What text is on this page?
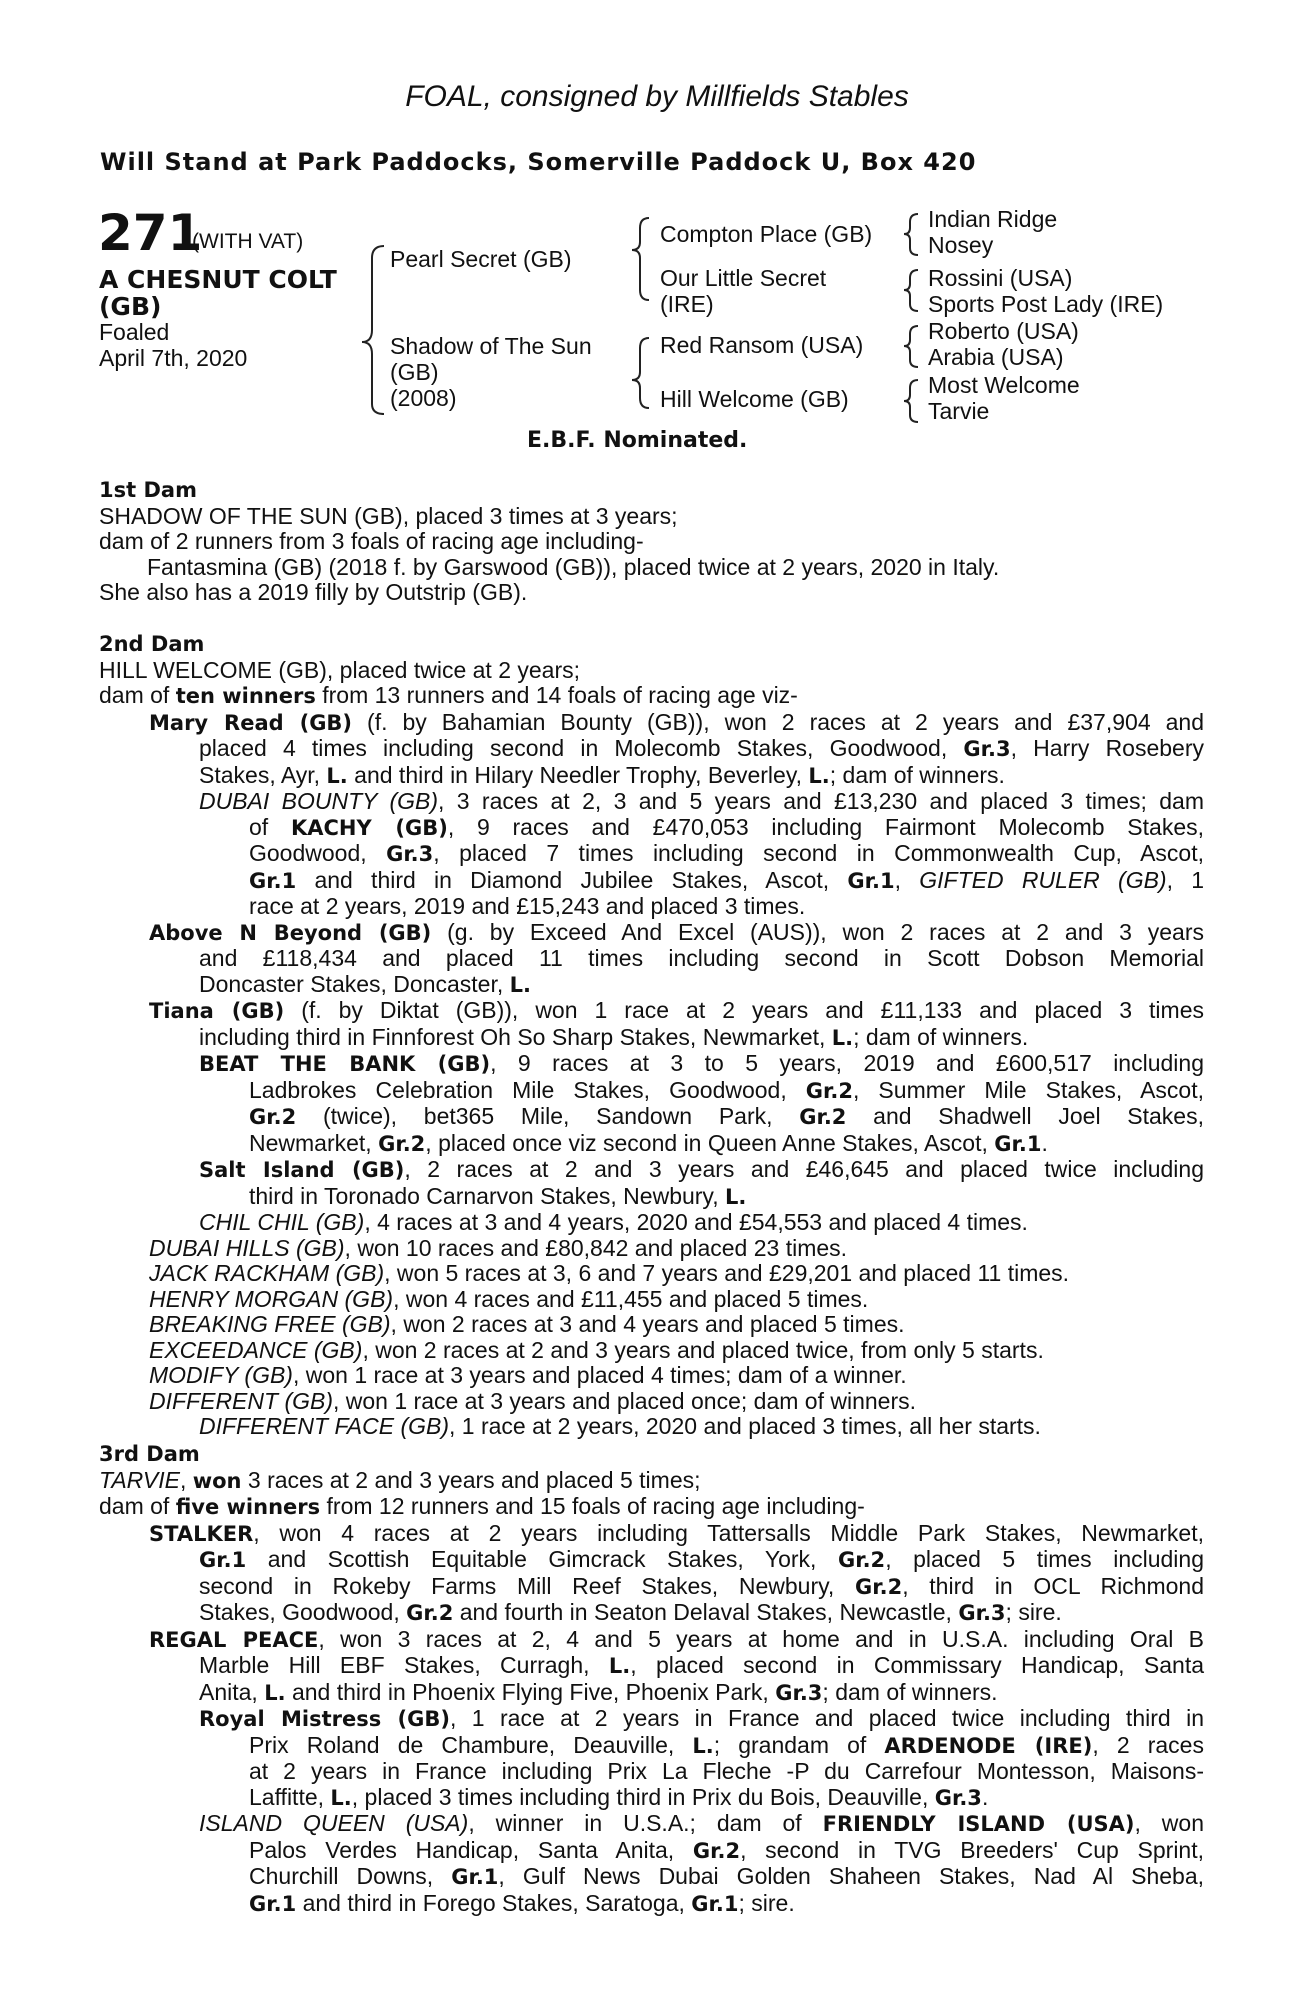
FOAL, consigned by Millfields Stables
Will Stand at Park Paddocks, Somerville Paddock U, Box 420
271
(WITH VAT)
A CHESNUT COLT
(GB)
Foaled
April 7th, 2020
Pearl Secret (GB)
Shadow of The Sun
(GB)
(2008)
Compton Place (GB)
Our Little Secret
(IRE)
Red Ransom (USA)
Hill Welcome (GB)
Indian Ridge
Nosey
Rossini (USA)
Sports Post Lady (IRE)
Roberto (USA)
Arabia (USA)
Most Welcome
Tarvie
E.B.F. Nominated.
1st Dam
SHADOW OF THE SUN (GB), placed 3 times at 3 years;
dam of 2 runners from 3 foals of racing age including-
Fantasmina (GB) (2018 f. by Garswood (GB)), placed twice at 2 years, 2020 in Italy.
She also has a 2019 filly by Outstrip (GB).
2nd Dam
HILL WELCOME (GB), placed twice at 2 years;
dam of ten winners from 13 runners and 14 foals of racing age viz-
Mary Read (GB) (f. by Bahamian Bounty (GB)), won 2 races at 2 years and £37,904 and
placed 4 times including second in Molecomb Stakes, Goodwood, Gr.3, Harry Rosebery
Stakes, Ayr, L. and third in Hilary Needler Trophy, Beverley, L.; dam of winners.
DUBAI BOUNTY (GB), 3 races at 2, 3 and 5 years and £13,230 and placed 3 times; dam
of KACHY (GB), 9 races and £470,053 including Fairmont Molecomb Stakes,
Goodwood, Gr.3, placed 7 times including second in Commonwealth Cup, Ascot,
Gr.1 and third in Diamond Jubilee Stakes, Ascot, Gr.1, GIFTED RULER (GB), 1
race at 2 years, 2019 and £15,243 and placed 3 times.
Above N Beyond (GB) (g. by Exceed And Excel (AUS)), won 2 races at 2 and 3 years
and £118,434 and placed 11 times including second in Scott Dobson Memorial
Doncaster Stakes, Doncaster, L.
Tiana (GB) (f. by Diktat (GB)), won 1 race at 2 years and £11,133 and placed 3 times
including third in Finnforest Oh So Sharp Stakes, Newmarket, L.; dam of winners.
BEAT THE BANK (GB), 9 races at 3 to 5 years, 2019 and £600,517 including
Ladbrokes Celebration Mile Stakes, Goodwood, Gr.2, Summer Mile Stakes, Ascot,
Gr.2 (twice), bet365 Mile, Sandown Park, Gr.2 and Shadwell Joel Stakes,
Newmarket, Gr.2, placed once viz second in Queen Anne Stakes, Ascot, Gr.1.
Salt Island (GB), 2 races at 2 and 3 years and £46,645 and placed twice including
third in Toronado Carnarvon Stakes, Newbury, L.
CHIL CHIL (GB), 4 races at 3 and 4 years, 2020 and £54,553 and placed 4 times.
DUBAI HILLS (GB), won 10 races and £80,842 and placed 23 times.
JACK RACKHAM (GB), won 5 races at 3, 6 and 7 years and £29,201 and placed 11 times.
HENRY MORGAN (GB), won 4 races and £11,455 and placed 5 times.
BREAKING FREE (GB), won 2 races at 3 and 4 years and placed 5 times.
EXCEEDANCE (GB), won 2 races at 2 and 3 years and placed twice, from only 5 starts.
MODIFY (GB), won 1 race at 3 years and placed 4 times; dam of a winner.
DIFFERENT (GB), won 1 race at 3 years and placed once; dam of winners.
DIFFERENT FACE (GB), 1 race at 2 years, 2020 and placed 3 times, all her starts.
3rd Dam
TARVIE, won 3 races at 2 and 3 years and placed 5 times;
dam of five winners from 12 runners and 15 foals of racing age including-
STALKER, won 4 races at 2 years including Tattersalls Middle Park Stakes, Newmarket,
Gr.1 and Scottish Equitable Gimcrack Stakes, York, Gr.2, placed 5 times including
second in Rokeby Farms Mill Reef Stakes, Newbury, Gr.2, third in OCL Richmond
Stakes, Goodwood, Gr.2 and fourth in Seaton Delaval Stakes, Newcastle, Gr.3; sire.
REGAL PEACE, won 3 races at 2, 4 and 5 years at home and in U.S.A. including Oral B
Marble Hill EBF Stakes, Curragh, L., placed second in Commissary Handicap, Santa
Anita, L. and third in Phoenix Flying Five, Phoenix Park, Gr.3; dam of winners.
Royal Mistress (GB), 1 race at 2 years in France and placed twice including third in
Prix Roland de Chambure, Deauville, L.; grandam of ARDENODE (IRE), 2 races
at 2 years in France including Prix La Fleche -P du Carrefour Montesson, Maisons-
Laffitte, L., placed 3 times including third in Prix du Bois, Deauville, Gr.3.
ISLAND QUEEN (USA), winner in U.S.A.; dam of FRIENDLY ISLAND (USA), won
Palos Verdes Handicap, Santa Anita, Gr.2, second in TVG Breeders' Cup Sprint,
Churchill Downs, Gr.1, Gulf News Dubai Golden Shaheen Stakes, Nad Al Sheba,
Gr.1 and third in Forego Stakes, Saratoga, Gr.1; sire.
